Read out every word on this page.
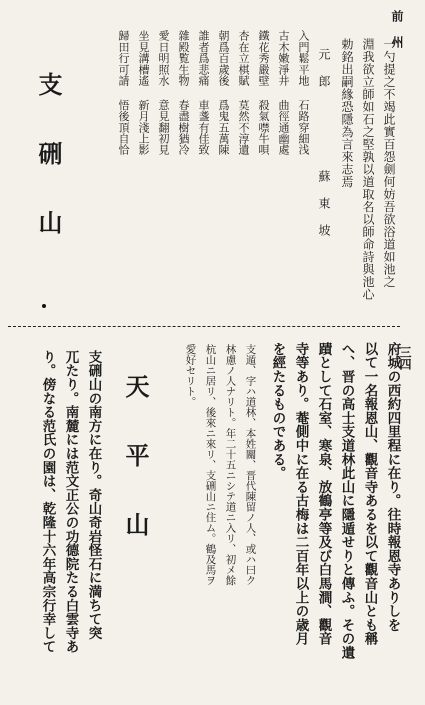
前 州
三四
一勺提之不竭此實百怨劍何妨吾欲浴道如池之
淵我欲立師如石之堅孰以道取名以師命詩與池心
勅銘出嗣緣恐隱為言來志焉
元 郎
蘇 東 坡
入門鬆平地 石路穿細浅
古木嫩淨井 曲徑通幽處
鐵花秀嚴壁 殺氣噤牛唄
杏在立棋賦 莫然不淳遺
朝爲百歲後 爲鬼五萬陳
誰者爲悲痛 車盞有佳致
雜殿覧生物 春盡樹猶冷
愛日明照水 意見翻初見
坐見溝槽遙 新月淺上影
歸田行可請 悟後頂自恰
支 硎 山
府城の西約四里程に在り。往時報恩寺ありしを
以て一名報恩山、觀音寺あるを以て觀音山とも稱
へ、晋の高士支道林此山に隱遁せりと傳ふ。その遺
蹟として石室、寒泉、放鶴亭等及び白馬澗、觀音
寺等あり。菴側中に在る古梅は二百年以上の歳月
を經たるものである。
支遁、字ハ道林、本姓關、晋代陳留ノ人、或ハ曰ク
林慮ノ人ナリト。年二十五ニシテ道ニ入リ、初メ餘
杭山ニ居リ、後來ニ來リ、支硎山ニ住ム。鶴及馬ヲ
愛好セリト。
天 平 山
支硎山の南方に在り。奇山奇岩怪石に満ちて突
兀たり。南麓には范文正公の功德院たる白雲寺あ
り。傍なる范氏の園は、乾隆十六年高宗行幸して
